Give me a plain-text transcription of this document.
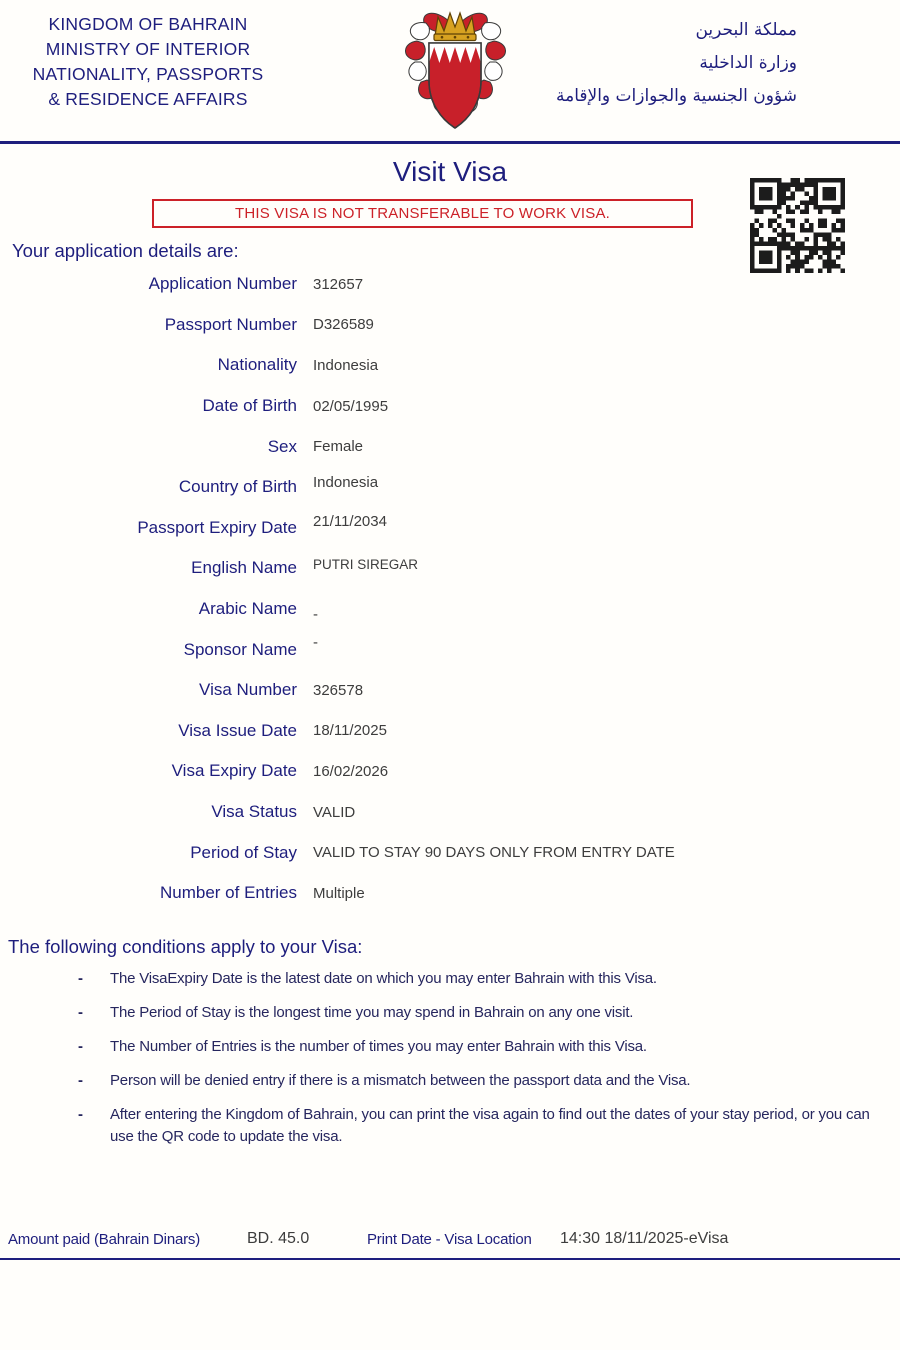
KINGDOM OF BAHRAIN
MINISTRY OF INTERIOR
NATIONALITY, PASSPORTS
& RESIDENCE AFFAIRS
مملكة البحرين
وزارة الداخلية
شؤون الجنسية والجوازات والإقامة
Visit Visa
THIS VISA IS NOT TRANSFERABLE TO WORK VISA.
Your application details are:
Application Number 312657
Passport Number D326589
Nationality Indonesia
Date of Birth 02/05/1995
Sex Female
Country of Birth Indonesia
Passport Expiry Date 21/11/2034
English Name PUTRI SIREGAR
Arabic Name -
Sponsor Name -
Visa Number 326578
Visa Issue Date 18/11/2025
Visa Expiry Date 16/02/2026
Visa Status VALID
Period of Stay VALID TO STAY 90 DAYS ONLY FROM ENTRY DATE
Number of Entries Multiple
The following conditions apply to your Visa:
-	The VisaExpiry Date is the latest date on which you may enter Bahrain with this Visa.
-	The Period of Stay is the longest time you may spend in Bahrain on any one visit.
-	The Number of Entries is the number of times you may enter Bahrain with this Visa.
-	Person will be denied entry if there is a mismatch between the passport data and the Visa.
-	After entering the Kingdom of Bahrain, you can print the visa again to find out the dates of your stay period, or you can use the QR code to update the visa.
Amount paid (Bahrain Dinars)	BD. 45.0	Print Date - Visa Location 14:30 18/11/2025-eVisa
